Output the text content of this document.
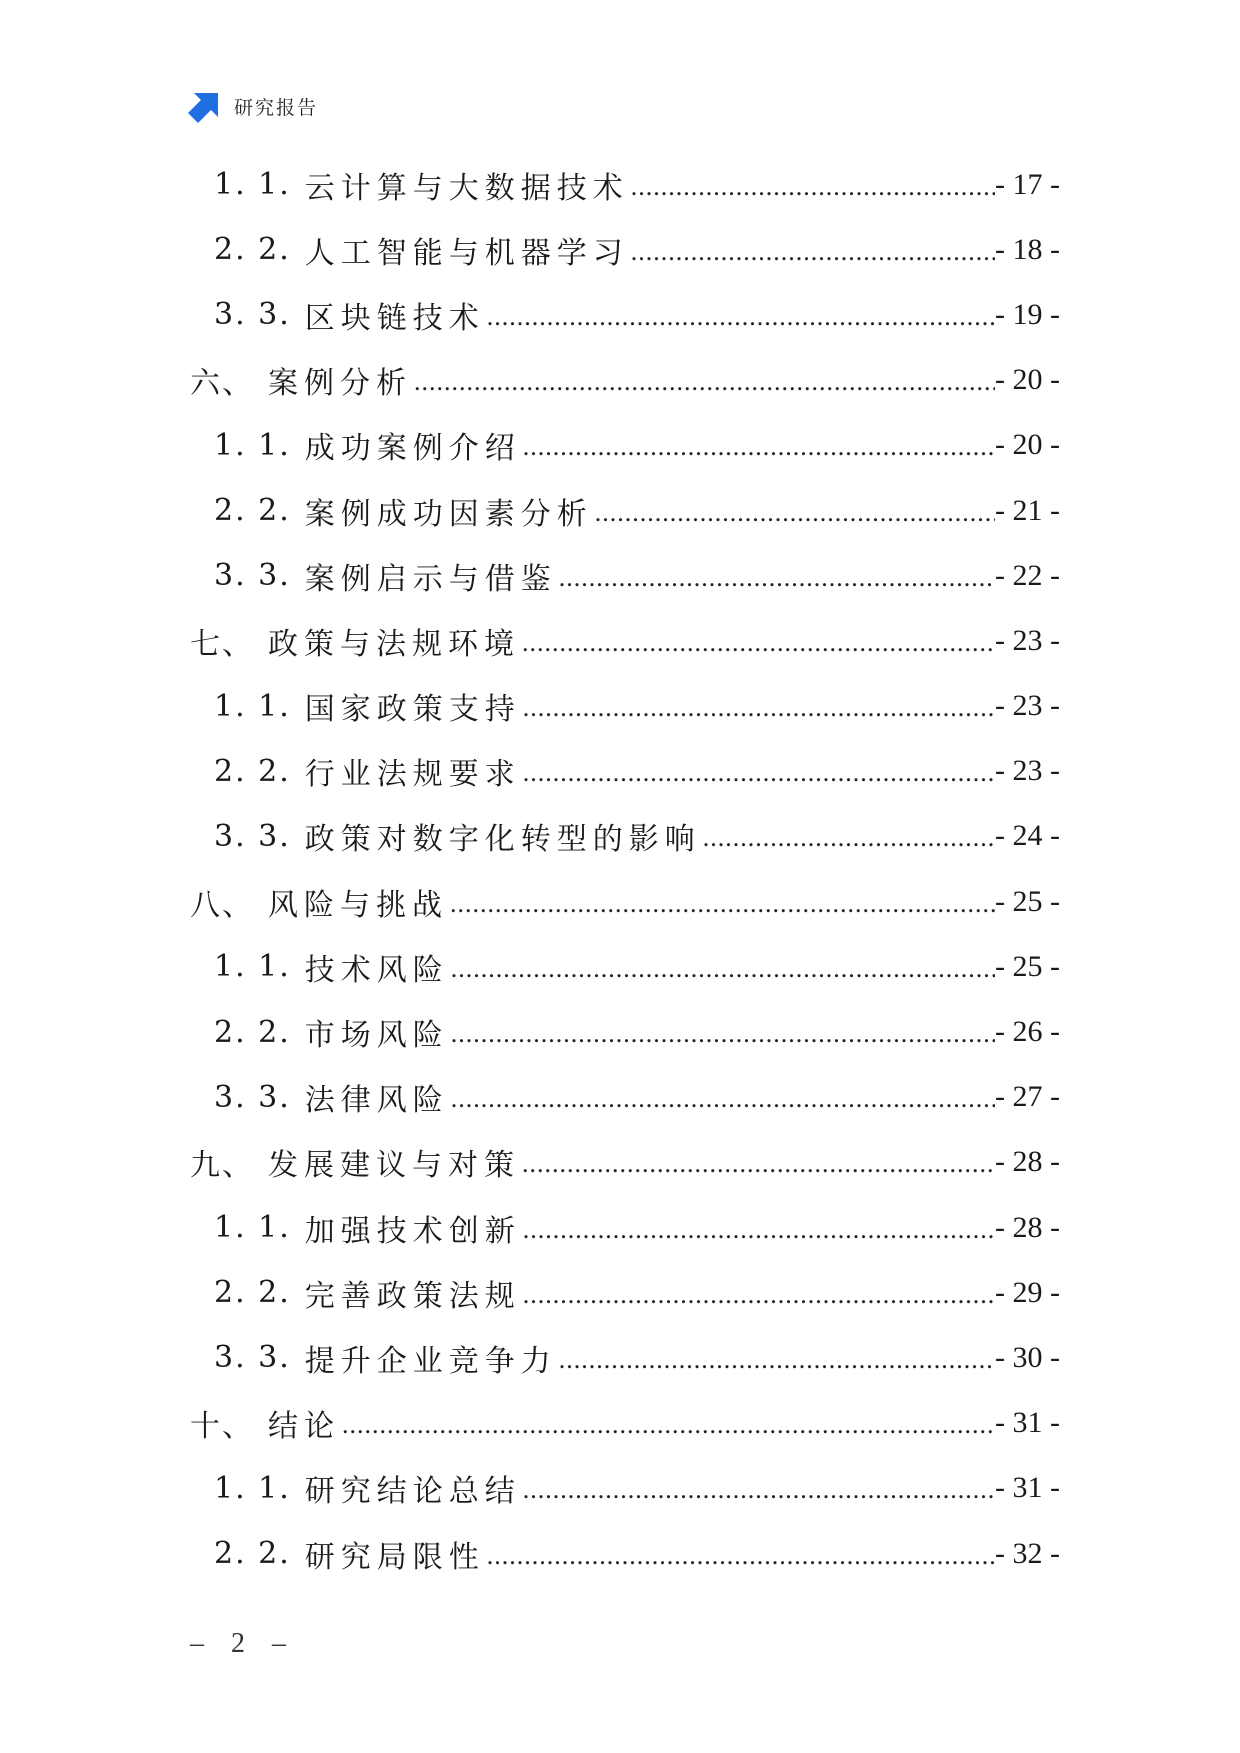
研究报告
1. 1. 云计算与大数据技术 .....	- 17 -
2. 2. 人工智能与机器学习 .....	- 18 -
3. 3. 区块链技术 .....	- 19 -
六、 案例分析 .....	- 20 -
1. 1. 成功案例介绍 .....	- 20 -
2. 2. 案例成功因素分析 .....	- 21 -
3. 3. 案例启示与借鉴 .....	- 22 -
七、 政策与法规环境 .....	- 23 -
1. 1. 国家政策支持 .....	- 23 -
2. 2. 行业法规要求 .....	- 23 -
3. 3. 政策对数字化转型的影响 .....	- 24 -
八、 风险与挑战 .....	- 25 -
1. 1. 技术风险 .....	- 25 -
2. 2. 市场风险 .....	- 26 -
3. 3. 法律风险 .....	- 27 -
九、 发展建议与对策 .....	- 28 -
1. 1. 加强技术创新 .....	- 28 -
2. 2. 完善政策法规 .....	- 29 -
3. 3. 提升企业竞争力 .....	- 30 -
十、 结论 .....	- 31 -
1. 1. 研究结论总结 .....	- 31 -
2. 2. 研究局限性 .....	- 32 -
– 2 –
